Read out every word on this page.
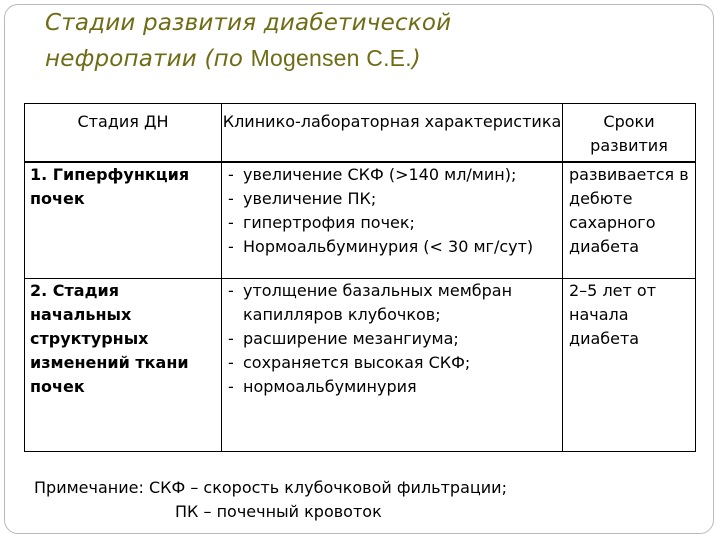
Стадии развития диабетической
нефропатии (по Mogensen C.E.)
Стадия ДН	Клинико-лабораторная характеристика	Сроки развития
1. Гиперфункция почек	- увеличение СКФ (>140 мл/мин);
- увеличение ПК;
- гипертрофия почек;
- Нормоальбуминурия (< 30 мг/сут)	развивается в дебюте сахарного диабета
2. Стадия начальных структурных изменений ткани почек	- утолщение базальных мембран капилляров клубочков;
- расширение мезангиума;
- сохраняется высокая СКФ;
- нормоальбуминурия	2–5 лет от начала диабета
Примечание: СКФ – скорость клубочковой фильтрации;
ПК – почечный кровоток
